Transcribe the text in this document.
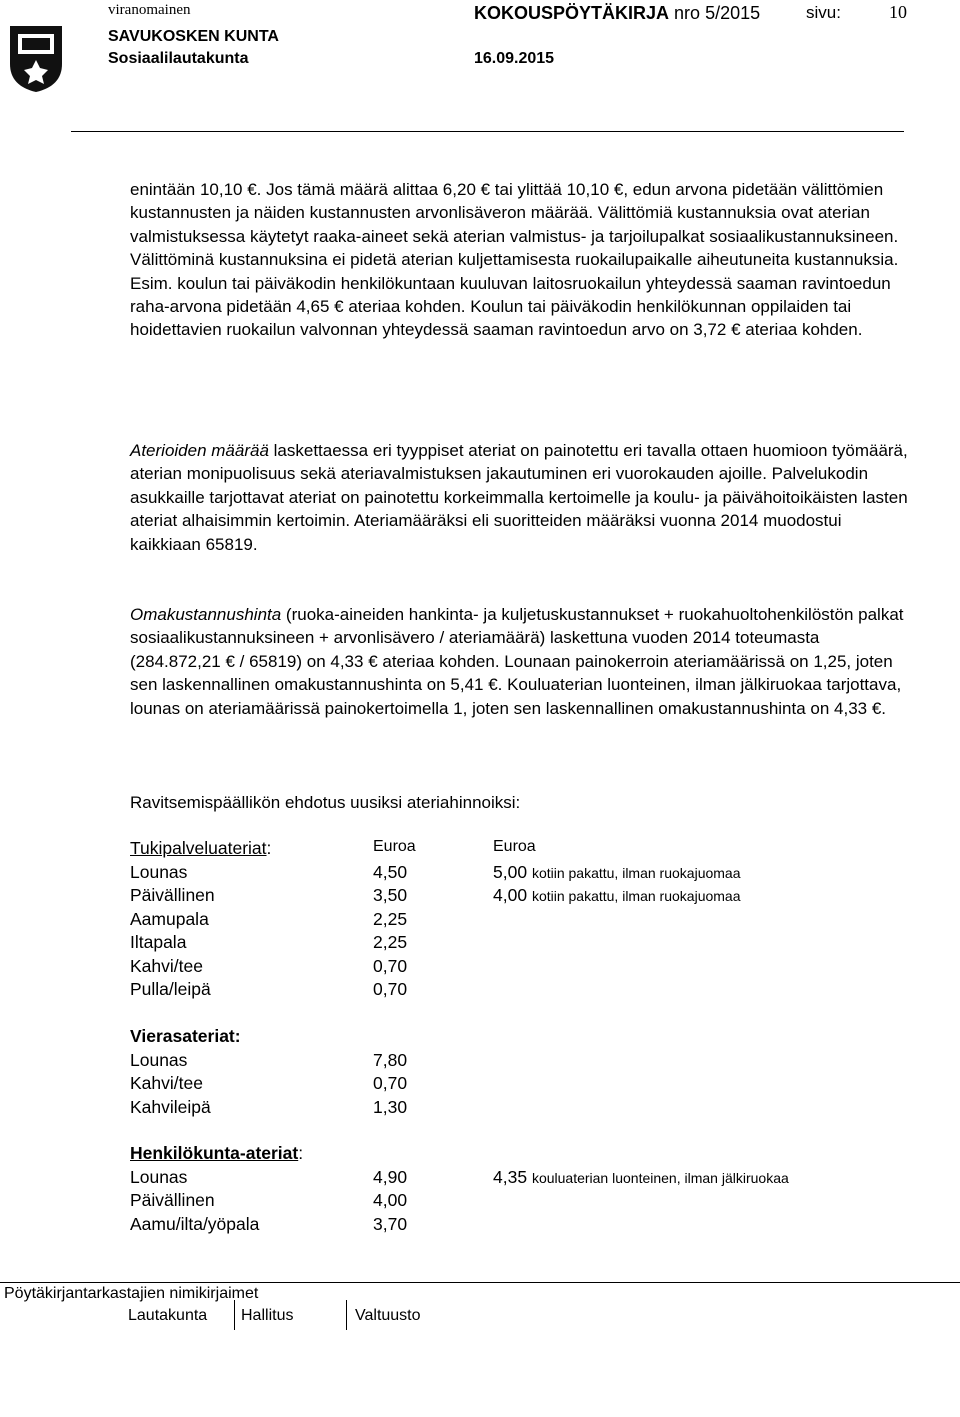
viranomainen	KOKOUSPÖYTÄKIRJA nro 5/2015	sivu:	10
SAVUKOSKEN KUNTA
Sosiaalilautakunta	16.09.2015

enintään 10,10 €. Jos tämä määrä alittaa 6,20 € tai ylittää 10,10 €, edun arvona pidetään välittömien kustannusten ja näiden kustannusten arvonlisäveron määrää. Välittömiä kustannuksia ovat aterian valmistuksessa käytetyt raaka-aineet sekä aterian valmistus- ja tarjoilupalkat sosiaalikustannuksineen. Välittöminä kustannuksina ei pidetä aterian kuljettamisesta ruokailupaikalle aiheutuneita kustannuksia. Esim. koulun tai päiväkodin henkilökuntaan kuuluvan laitosruokailun yhteydessä saaman ravintoedun raha-arvona pidetään 4,65 € ateriaa kohden. Koulun tai päiväkodin henkilökunnan oppilaiden tai hoidettavien ruokailun valvonnan yhteydessä saaman ravintoedun arvo on 3,72 € ateriaa kohden.

Aterioiden määrää laskettaessa eri tyyppiset ateriat on painotettu eri tavalla ottaen huomioon työmäärä, aterian monipuolisuus sekä ateriavalmistuksen jakautuminen eri vuorokauden ajoille. Palvelukodin asukkaille tarjottavat ateriat on painotettu korkeimmalla kertoimelle ja koulu- ja päivähoitoikäisten lasten ateriat alhaisimmin kertoimin. Ateriamääräksi eli suoritteiden määräksi vuonna 2014 muodostui kaikkiaan 65819.

Omakustannushinta (ruoka-aineiden hankinta- ja kuljetuskustannukset + ruokahuoltohenkilöstön palkat sosiaalikustannuksineen + arvonlisävero / ateriamäärä) laskettuna vuoden 2014 toteumasta (284.872,21 € / 65819) on 4,33 € ateriaa kohden. Lounaan painokerroin ateriamäärissä on 1,25, joten sen laskennallinen omakustannushinta on 5,41 €. Kouluaterian luonteinen, ilman jälkiruokaa tarjottava, lounas on ateriamäärissä painokertoimella 1, joten sen laskennallinen omakustannushinta on 4,33 €.

Ravitsemispäällikön ehdotus uusiksi ateriahinnoiksi:

Tukipalveluateriat:	Euroa	Euroa
Lounas	4,50	5,00 kotiin pakattu, ilman ruokajuomaa
Päivällinen	3,50	4,00 kotiin pakattu, ilman ruokajuomaa
Aamupala	2,25
Iltapala	2,25
Kahvi/tee	0,70
Pulla/leipä	0,70
Vierasateriat:
Lounas	7,80
Kahvi/tee	0,70
Kahvileipä	1,30
Henkilökunta-ateriat:
Lounas	4,90	4,35 kouluaterian luonteinen, ilman jälkiruokaa
Päivällinen	4,00
Aamu/ilta/yöpala	3,70
Pöytäkirjantarkastajien nimikirjaimet
Lautakunta Hallitus	Valtuusto
